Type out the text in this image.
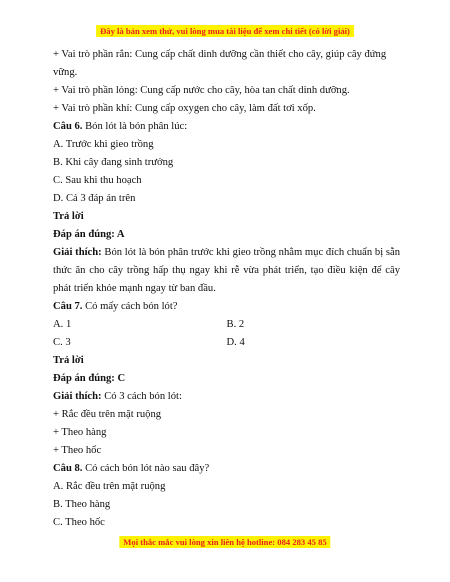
Đây là bản xem thử, vui lòng mua tài liệu để xem chi tiết (có lời giải)

+ Vai trò phần rắn: Cung cấp chất dinh dưỡng cần thiết cho cây, giúp cây đứng vững.

+ Vai trò phần lỏng: Cung cấp nước cho cây, hòa tan chất dinh dưỡng.

+ Vai trò phần khí: Cung cấp oxygen cho cây, làm đất tơi xốp.

Câu 6. Bón lót là bón phân lúc:

A. Trước khi gieo trồng

B. Khi cây đang sinh trưởng

C. Sau khi thu hoạch

D. Cả 3 đáp án trên

Trả lời

Đáp án đúng: A

Giải thích: Bón lót là bón phân trước khi gieo trồng nhằm mục đích chuẩn bị sẵn thức ăn cho cây trồng hấp thụ ngay khi rễ vừa phát triển, tạo điều kiện để cây phát triển khỏe mạnh ngay từ ban đầu.

Câu 7. Có mấy cách bón lót?

A. 1	B. 2
C. 3	D. 4

Trả lời

Đáp án đúng: C

Giải thích: Có 3 cách bón lót:

+ Rắc đều trên mặt ruộng

+ Theo hàng

+ Theo hốc

Câu 8. Có cách bón lót nào sau đây?

A. Rắc đều trên mặt ruộng

B. Theo hàng

C. Theo hốc

Mọi thắc mắc vui lòng xin liên hệ hotline: 084 283 45 85
